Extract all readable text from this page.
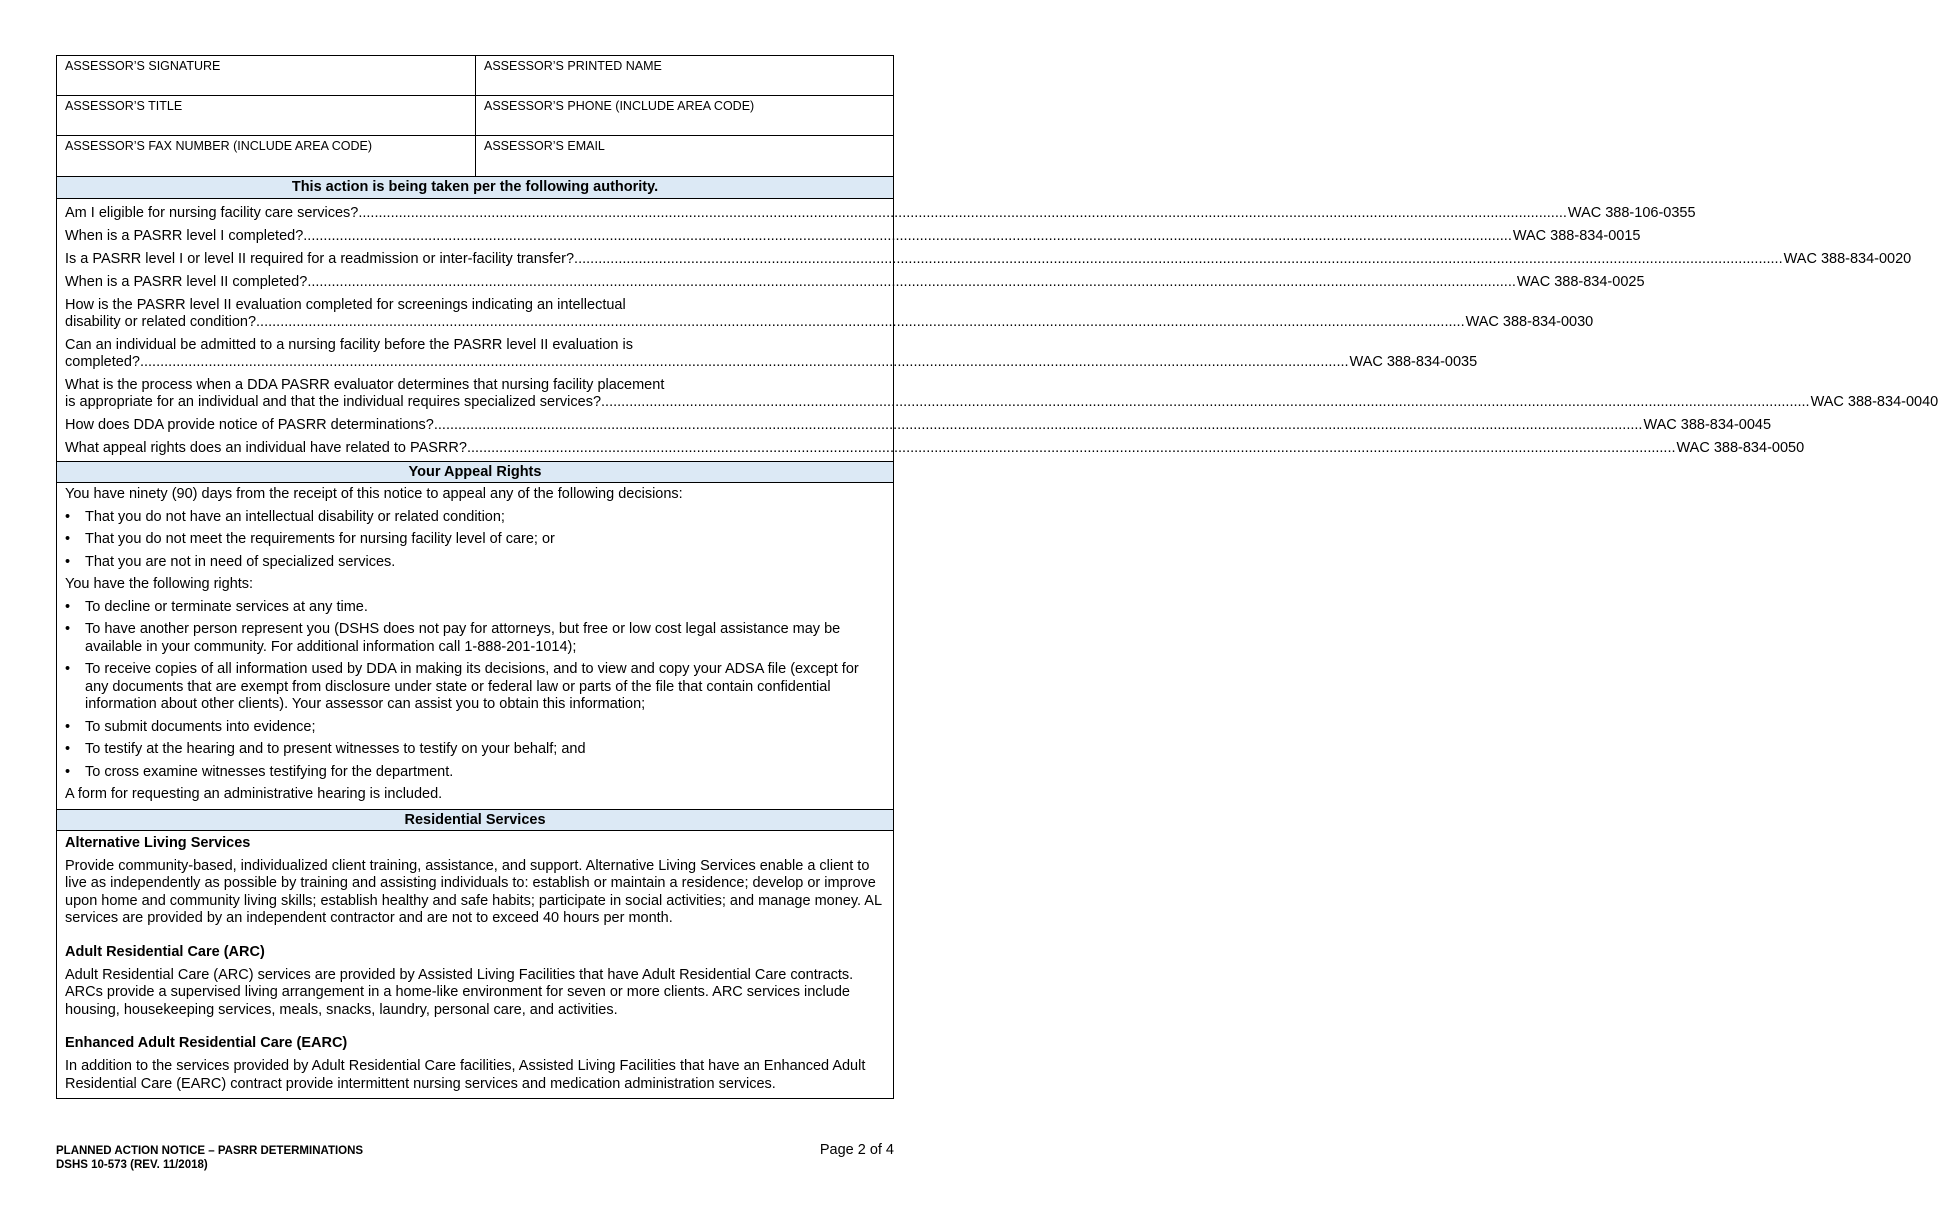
ASSESSOR’S SIGNATURE	ASSESSOR’S PRINTED NAME
ASSESSOR’S TITLE	ASSESSOR’S PHONE (INCLUDE AREA CODE)
ASSESSOR’S FAX NUMBER (INCLUDE AREA CODE)	ASSESSOR’S EMAIL
This action is being taken per the following authority.
Am I eligible for nursing facility care services? ............................................................................................................................................................................................................................................................................................................ WAC 388-106-0355
When is a PASRR level I completed? ............................................................................................................................................................................................................................................................................................................ WAC 388-834-0015
Is a PASRR level I or level II required for a readmission or inter-facility transfer? ............................................................................................................................................................................................................................................................................................................ WAC 388-834-0020
When is a PASRR level II completed? ............................................................................................................................................................................................................................................................................................................ WAC 388-834-0025
How is the PASRR level II evaluation completed for screenings indicating an intellectual
disability or related condition? ............................................................................................................................................................................................................................................................................................................ WAC 388-834-0030
Can an individual be admitted to a nursing facility before the PASRR level II evaluation is
completed? ............................................................................................................................................................................................................................................................................................................ WAC 388-834-0035
What is the process when a DDA PASRR evaluator determines that nursing facility placement
is appropriate for an individual and that the individual requires specialized services? ............................................................................................................................................................................................................................................................................................................ WAC 388-834-0040
How does DDA provide notice of PASRR determinations? ............................................................................................................................................................................................................................................................................................................ WAC 388-834-0045
What appeal rights does an individual have related to PASRR? ............................................................................................................................................................................................................................................................................................................ WAC 388-834-0050
Your Appeal Rights

You have ninety (90) days from the receipt of this notice to appeal any of the following decisions:

•	That you do not have an intellectual disability or related condition;
•	That you do not meet the requirements for nursing facility level of care; or
•	That you are not in need of specialized services.

You have the following rights:

•	To decline or terminate services at any time.
•	To have another person represent you (DSHS does not pay for attorneys, but free or low cost legal assistance may be available in your community. For additional information call 1-888-201-1014);
•	To receive copies of all information used by DDA in making its decisions, and to view and copy your ADSA file (except for any documents that are exempt from disclosure under state or federal law or parts of the file that contain confidential information about other clients). Your assessor can assist you to obtain this information;
•	To submit documents into evidence;
•	To testify at the hearing and to present witnesses to testify on your behalf; and
•	To cross examine witnesses testifying for the department.

A form for requesting an administrative hearing is included.

Residential Services
Alternative Living Services

Provide community-based, individualized client training, assistance, and support. Alternative Living Services enable a client to live as independently as possible by training and assisting individuals to: establish or maintain a residence; develop or improve upon home and community living skills; establish healthy and safe habits; participate in social activities; and manage money. AL services are provided by an independent contractor and are not to exceed 40 hours per month.

Adult Residential Care (ARC)

Adult Residential Care (ARC) services are provided by Assisted Living Facilities that have Adult Residential Care contracts. ARCs provide a supervised living arrangement in a home-like environment for seven or more clients. ARC services include housing, housekeeping services, meals, snacks, laundry, personal care, and activities.

Enhanced Adult Residential Care (EARC)

In addition to the services provided by Adult Residential Care facilities, Assisted Living Facilities that have an Enhanced Adult Residential Care (EARC) contract provide intermittent nursing services and medication administration services.

PLANNED ACTION NOTICE – PASRR DETERMINATIONS
DSHS 10-573 (REV. 11/2018)
Page 2 of 4
